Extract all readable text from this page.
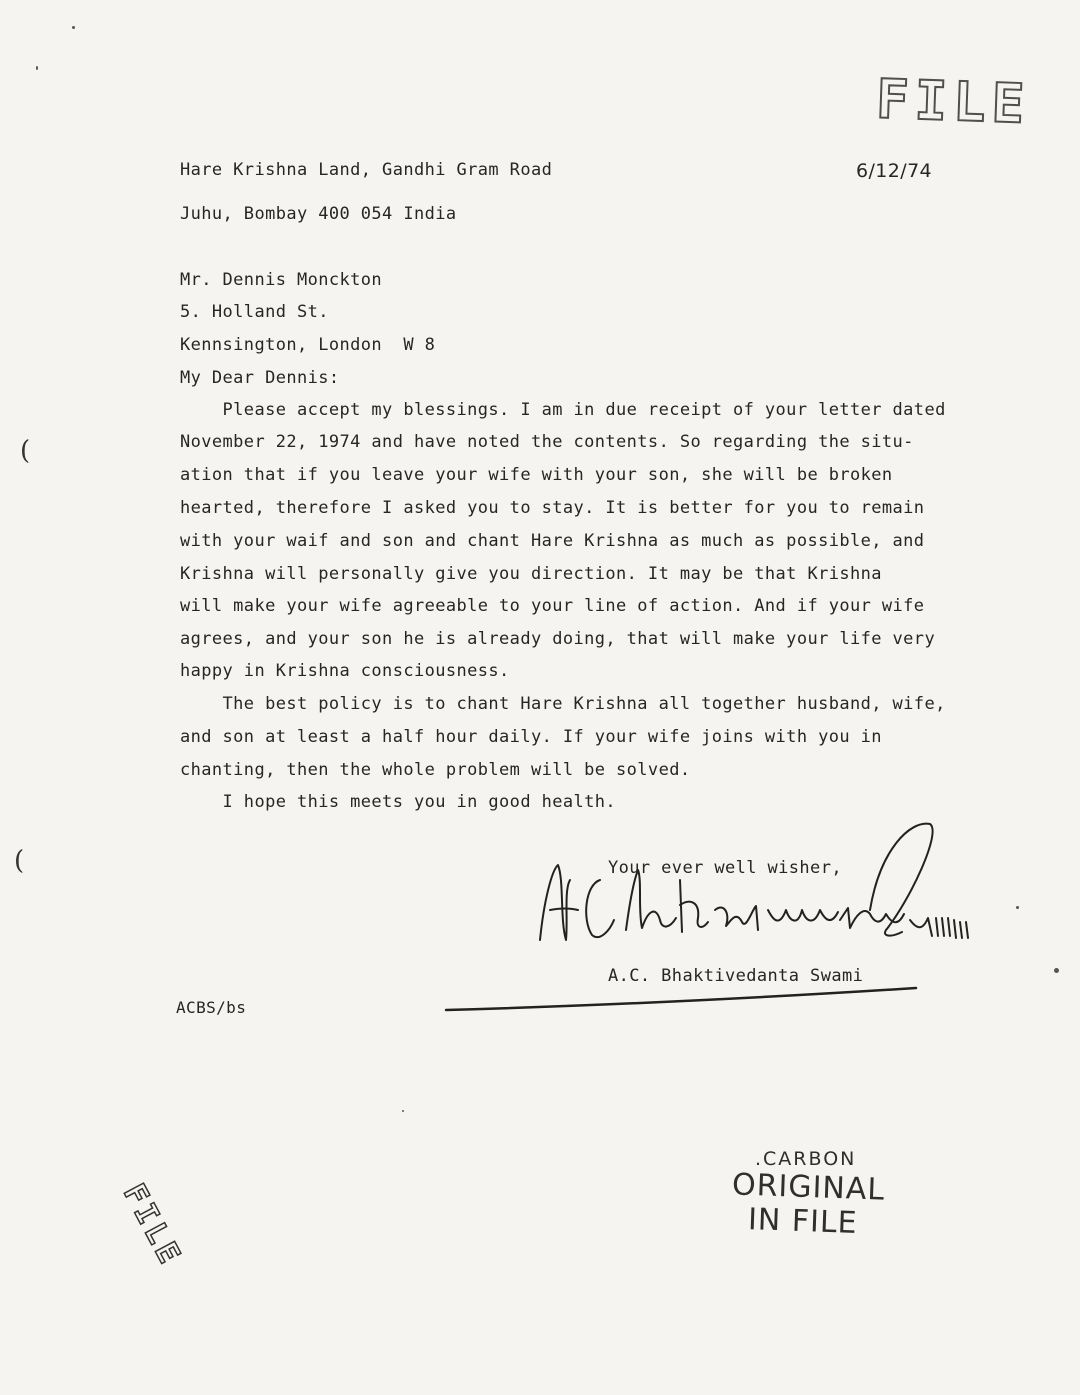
(
(
FILE
Hare Krishna Land, Gandhi Gram Road	6/12/74
Juhu, Bombay 400 054 India
Mr. Dennis Monckton
5. Holland St.
Kennsington, London  W 8
My Dear Dennis:
Please accept my blessings. I am in due receipt of your letter dated
November 22, 1974 and have noted the contents. So regarding the situ-
ation that if you leave your wife with your son, she will be broken
hearted, therefore I asked you to stay. It is better for you to remain
with your waif and son and chant Hare Krishna as much as possible, and
Krishna will personally give you direction. It may be that Krishna
will make your wife agreeable to your line of action. And if your wife
agrees, and your son he is already doing, that will make your life very
happy in Krishna consciousness.
The best policy is to chant Hare Krishna all together husband, wife,
and son at least a half hour daily. If your wife joins with you in
chanting, then the whole problem will be solved.
I hope this meets you in good health.
Your ever well wisher,
A.C. Bhaktivedanta Swami
ACBS/bs
.CARBON
ORIGINAL
IN FILE
FILE
